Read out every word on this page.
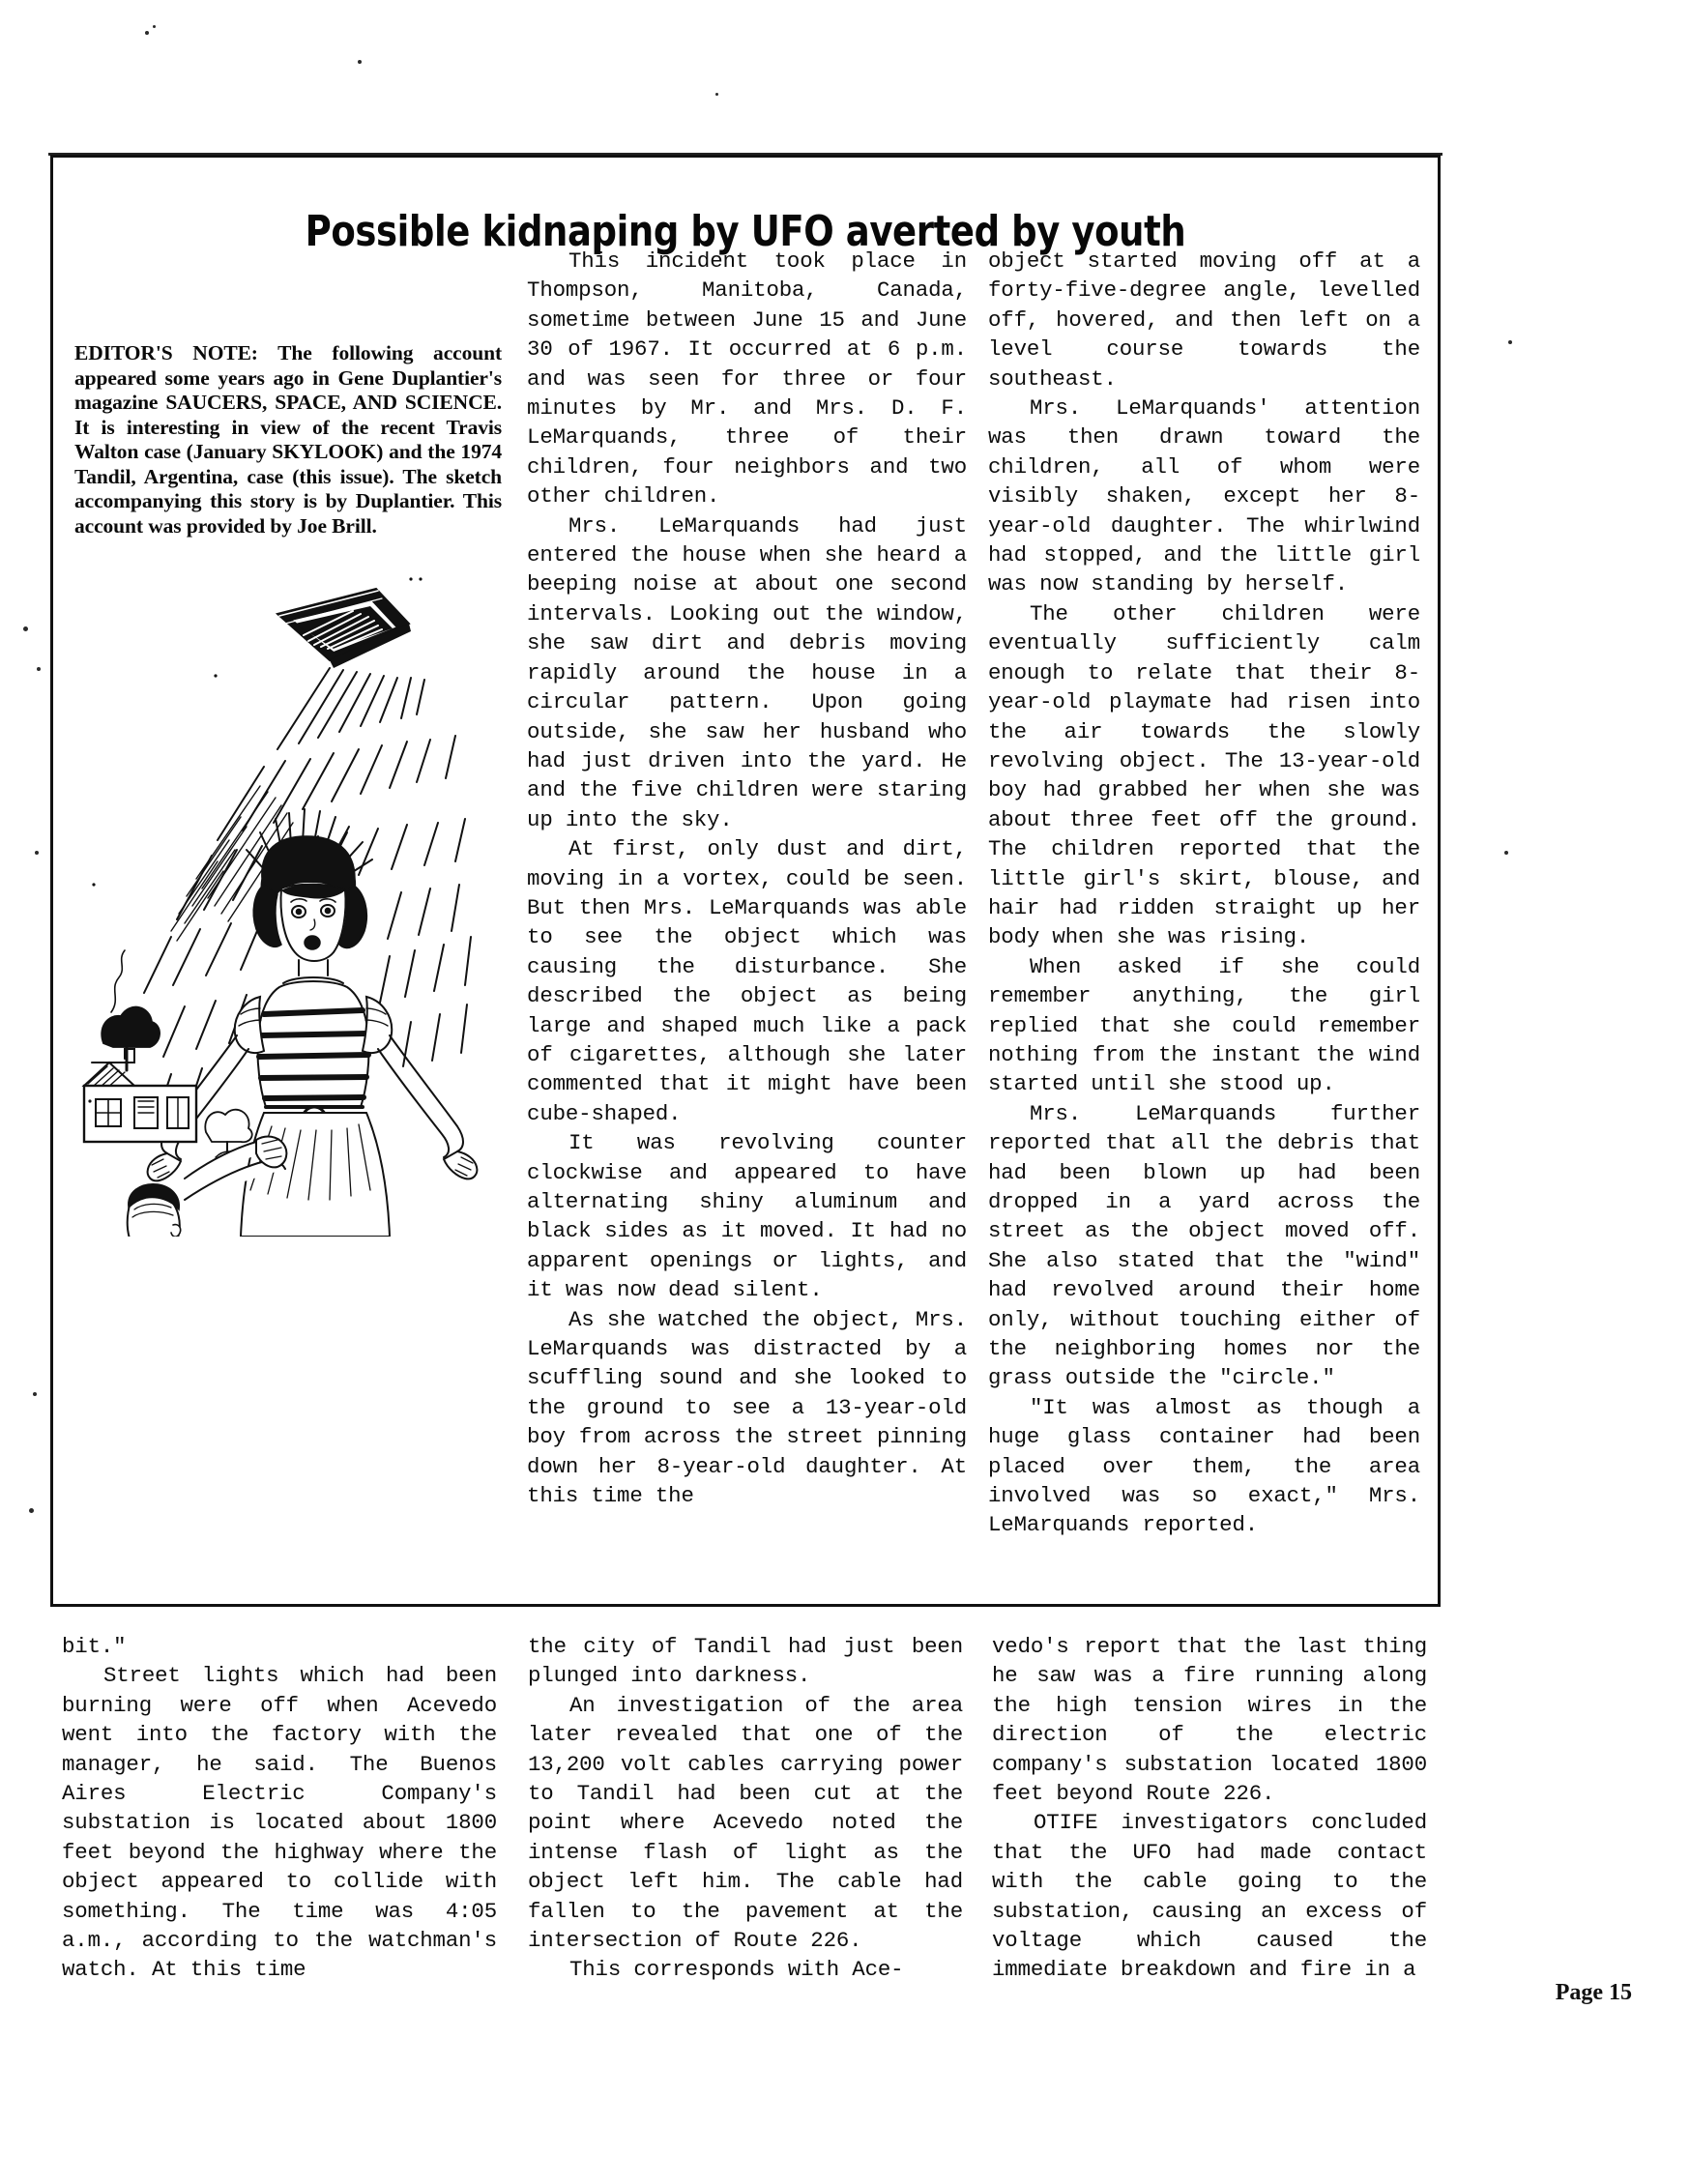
Possible kidnaping by UFO averted by youth
EDITOR'S NOTE: The following account appeared some years ago in Gene Duplantier's magazine SAUCERS, SPACE, AND SCIENCE. It is interesting in view of the recent Travis Walton case (January SKYLOOK) and the 1974 Tandil, Argentina, case (this issue). The sketch accompanying this story is by Duplantier. This account was provided by Joe Brill.

This incident took place in Thompson, Manitoba, Canada, sometime between June 15 and June 30 of 1967. It occurred at 6 p.m. and was seen for three or four minutes by Mr. and Mrs. D. F. LeMarquands, three of their children, four neighbors and two other children.

Mrs. LeMarquands had just entered the house when she heard a beeping noise at about one second intervals. Looking out the window, she saw dirt and debris moving rapidly around the house in a circular pattern. Upon going outside, she saw her husband who had just driven into the yard. He and the five children were staring up into the sky.

At first, only dust and dirt, moving in a vortex, could be seen. But then Mrs. LeMarquands was able to see the object which was causing the disturbance. She described the object as being large and shaped much like a pack of cigarettes, although she later commented that it might have been cube-shaped.

It was revolving counter clockwise and appeared to have alternating shiny aluminum and black sides as it moved. It had no apparent openings or lights, and it was now dead silent.

As she watched the object, Mrs. LeMarquands was distracted by a scuffling sound and she looked to the ground to see a 13-year-old boy from across the street pinning down her 8-year-old daughter. At this time the

object started moving off at a forty-five-degree angle, levelled off, hovered, and then left on a level course towards the southeast.

Mrs. LeMarquands' attention was then drawn toward the children, all of whom were visibly shaken, except her 8-year-old daughter. The whirlwind had stopped, and the little girl was now standing by herself.

The other children were eventually sufficiently calm enough to relate that their 8-year-old playmate had risen into the air towards the slowly revolving object. The 13-year-old boy had grabbed her when she was about three feet off the ground. The children reported that the little girl's skirt, blouse, and hair had ridden straight up her body when she was rising.

When asked if she could remember anything, the girl replied that she could remember nothing from the instant the wind started until she stood up.

Mrs. LeMarquands further reported that all the debris that had been blown up had been dropped in a yard across the street as the object moved off. She also stated that the "wind" had revolved around their home only, without touching either of the neighboring homes nor the grass outside the "circle."

"It was almost as though a huge glass container had been placed over them, the area involved was so exact," Mrs. LeMarquands reported.

bit."

Street lights which had been burning were off when Acevedo went into the factory with the manager, he said. The Buenos Aires Electric Company's substation is located about 1800 feet beyond the highway where the object appeared to collide with something. The time was 4:05 a.m., according to the watchman's watch. At this time

the city of Tandil had just been plunged into darkness.

An investigation of the area later revealed that one of the 13,200 volt cables carrying power to Tandil had been cut at the point where Acevedo noted the intense flash of light as the object left him. The cable had fallen to the pavement at the intersection of Route 226.

This corresponds with Ace-

vedo's report that the last thing he saw was a fire running along the high tension wires in the direction of the electric company's substation located 1800 feet beyond Route 226.

OTIFE investigators concluded that the UFO had made contact with the cable going to the substation, causing an excess of voltage which caused the immediate breakdown and fire in a

Page 15
